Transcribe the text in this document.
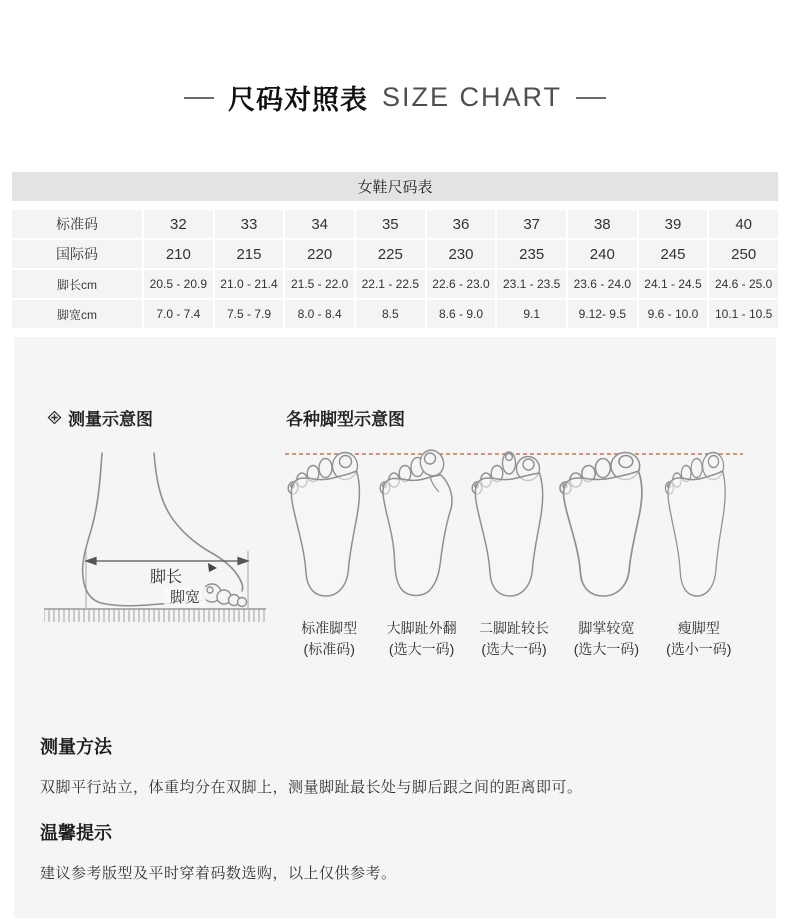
尺码对照表 SIZE CHART
女鞋尺码表
标准码	32	33	34	35	36	37	38	39	40
国际码	210	215	220	225	230	235	240	245	250
脚长cm	20.5 - 20.9	21.0 - 21.4	21.5 - 22.0	22.1 - 22.5	22.6 - 23.0	23.1 - 23.5	23.6 - 24.0	24.1 - 24.5	24.6 - 25.0
脚宽cm	7.0 - 7.4	7.5 - 7.9	8.0 - 8.4	8.5	8.6 - 9.0	9.1	9.12- 9.5	9.6 - 10.0	10.1 - 10.5
测量示意图	各种脚型示意图
脚长
脚宽
标准脚型
(标准码)
大脚趾外翻
(选大一码)
二脚趾较长
(选大一码)
脚掌较宽
(选大一码)
瘦脚型
(选小一码)
测量方法

双脚平行站立，体重均分在双脚上，测量脚趾最长处与脚后跟之间的距离即可。

温馨提示

建议参考版型及平时穿着码数选购，以上仅供参考。
